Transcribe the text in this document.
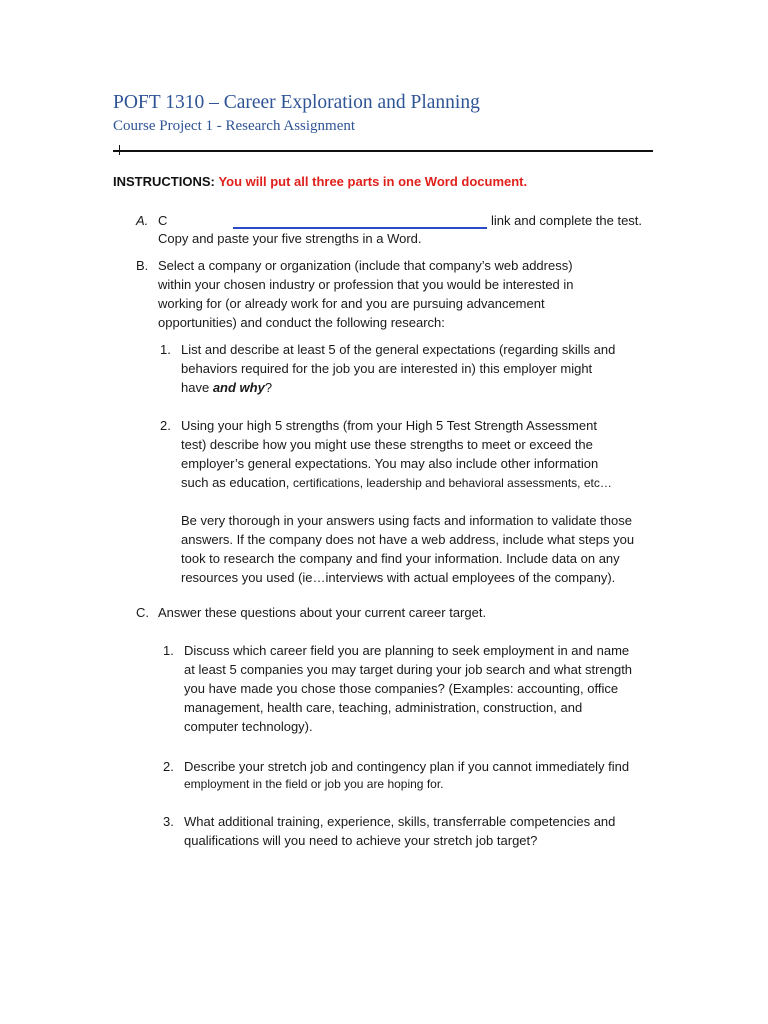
POFT 1310 – Career Exploration and Planning
Course Project 1 - Research Assignment
INSTRUCTIONS: You will put all three parts in one Word document.
A. C	link and complete the test.
Copy and paste your five strengths in a Word.
B. Select a company or organization (include that company’s web address)
within your chosen industry or profession that you would be interested in
working for (or already work for and you are pursuing advancement
opportunities) and conduct the following research:
1. List and describe at least 5 of the general expectations (regarding skills and
behaviors required for the job you are interested in) this employer might
have and why?
2. Using your high 5 strengths (from your High 5 Test Strength Assessment
test) describe how you might use these strengths to meet or exceed the
employer’s general expectations. You may also include other information
such as education, certifications, leadership and behavioral assessments, etc…
Be very thorough in your answers using facts and information to validate those
answers. If the company does not have a web address, include what steps you
took to research the company and find your information. Include data on any
resources you used (ie…interviews with actual employees of the company).
C. Answer these questions about your current career target.
1. Discuss which career field you are planning to seek employment in and name
at least 5 companies you may target during your job search and what strength
you have made you chose those companies? (Examples: accounting, office
management, health care, teaching, administration, construction, and
computer technology).
2. Describe your stretch job and contingency plan if you cannot immediately find
employment in the field or job you are hoping for.
3. What additional training, experience, skills, transferrable competencies and
qualifications will you need to achieve your stretch job target?
